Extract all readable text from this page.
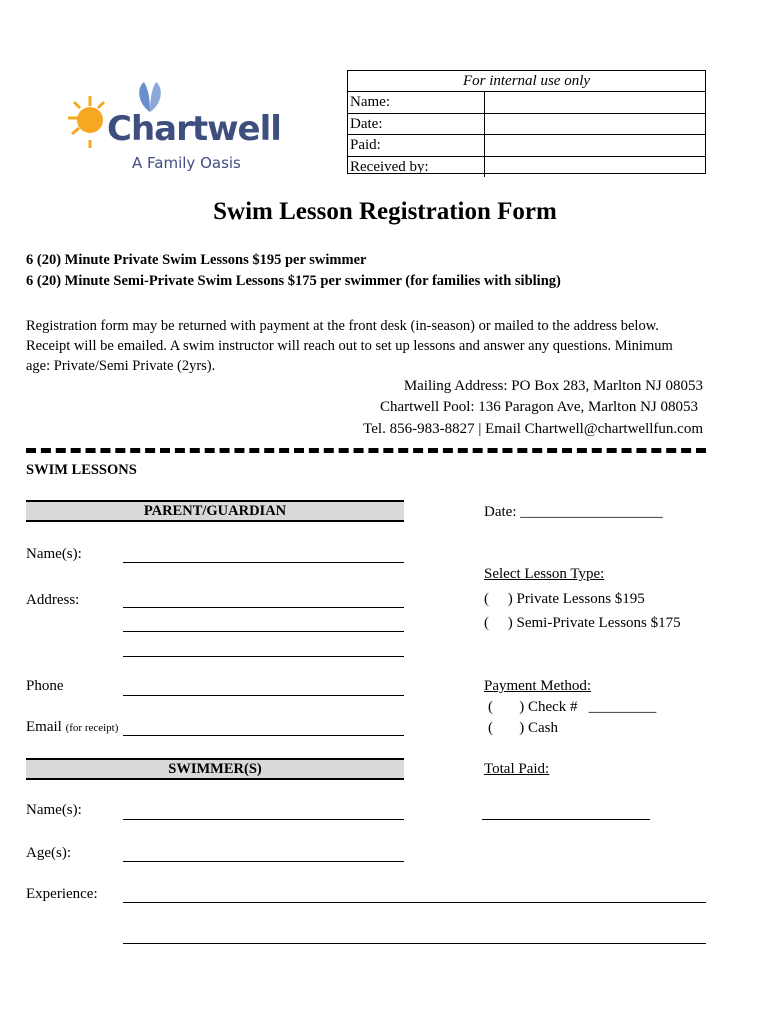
Chartwell
A Family Oasis
For internal use only
Name:
Date:
Paid:
Received by:
Swim Lesson Registration Form
6 (20) Minute Private Swim Lessons $195 per swimmer
6 (20) Minute Semi-Private Swim Lessons $175 per swimmer (for families with sibling)
Registration form may be returned with payment at the front desk (in-season) or mailed to the address below. Receipt will be emailed. A swim instructor will reach out to set up lessons and answer any questions. Minimum age: Private/Semi Private (2yrs).
Mailing Address: PO Box 283, Marlton NJ 08053
Chartwell Pool: 136 Paragon Ave, Marlton NJ 08053
Tel. 856-983-8827 | Email Chartwell@chartwellfun.com
SWIM LESSONS
PARENT/GUARDIAN
Name(s):
Address:
Phone
Email (for receipt)
Date: ___________________
Select Lesson Type:
(     ) Private Lessons $195
(     ) Semi-Private Lessons $175
Payment Method:
(       ) Check #   _________
(       ) Cash
Total Paid:
SWIMMER(S)
Name(s):
Age(s):
Experience:
